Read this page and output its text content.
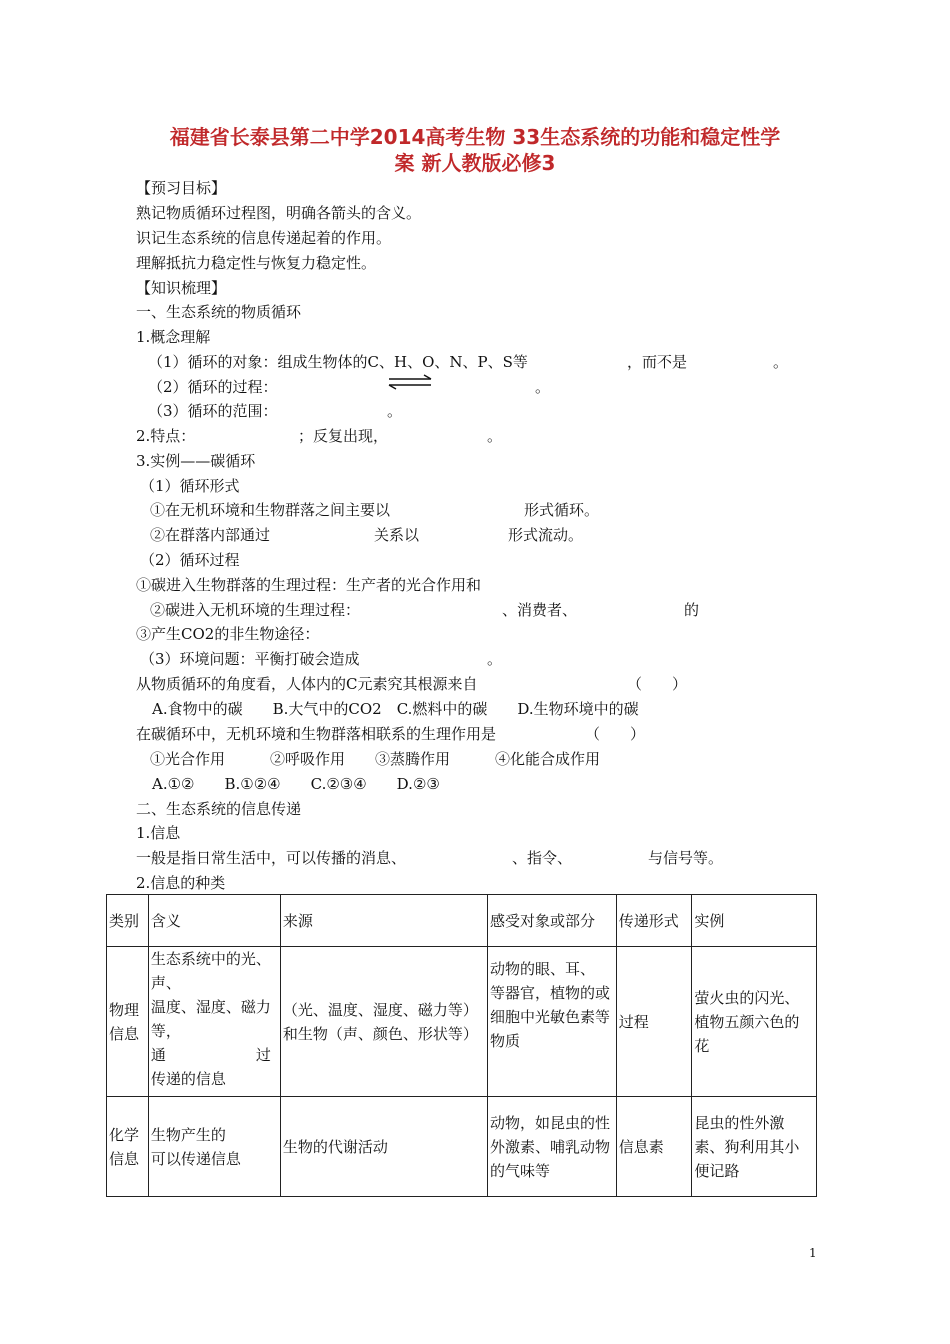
福建省长泰县第二中学2014高考生物 33生态系统的功能和稳定性学
案 新人教版必修3
【预习目标】
熟记物质循环过程图，明确各箭头的含义。
识记生态系统的信息传递起着的作用。
理解抵抗力稳定性与恢复力稳定性。
【知识梳理】
一、生态系统的物质循环
1.概念理解
（1）循环的对象：组成生物体的C、H、O、N、P、S等	，而不是	。
（2）循环的过程：	。
（3）循环的范围：	。
2.特点：	；反复出现，	。
3.实例——碳循环
（1）循环形式
①在无机环境和生物群落之间主要以	形式循环。
②在群落内部通过	关系以	形式流动。
（2）循环过程
①碳进入生物群落的生理过程：生产者的光合作用和
②碳进入无机环境的生理过程：	、消费者、	的
③产生CO2的非生物途径：
（3）环境问题：平衡打破会造成	。
从物质循环的角度看，人体内的C元素究其根源来自	（　　）
A.食物中的碳　　B.大气中的CO2　C.燃料中的碳　　D.生物环境中的碳
在碳循环中，无机环境和生物群落相联系的生理作用是	（　　）
①光合作用　　　②呼吸作用　　③蒸腾作用　　　④化能合成作用
A.①②　　B.①②④　　C.②③④　　D.②③
二、生态系统的信息传递
1.信息
一般是指日常生活中，可以传播的消息、	、指令、	与信号等。
2.信息的种类
类别	含义	来源	感受对象或部分	传递形式	实例
物理信息	生态系统中的光、声、
温度、湿度、磁力等，
通　　　　　　过
传递的信息	（光、温度、湿度、磁力等）和生物（声、颜色、形状等）	动物的眼、耳、　　　　等器官，植物的或细胞中光敏色素等物质	过程	萤火虫的闪光、植物五颜六色的花
化学信息	生物产生的
可以传递信息	生物的代谢活动	动物，如昆虫的性外激素、哺乳动物的气味等	信息素	昆虫的性外激素、狗利用其小便记路
1
